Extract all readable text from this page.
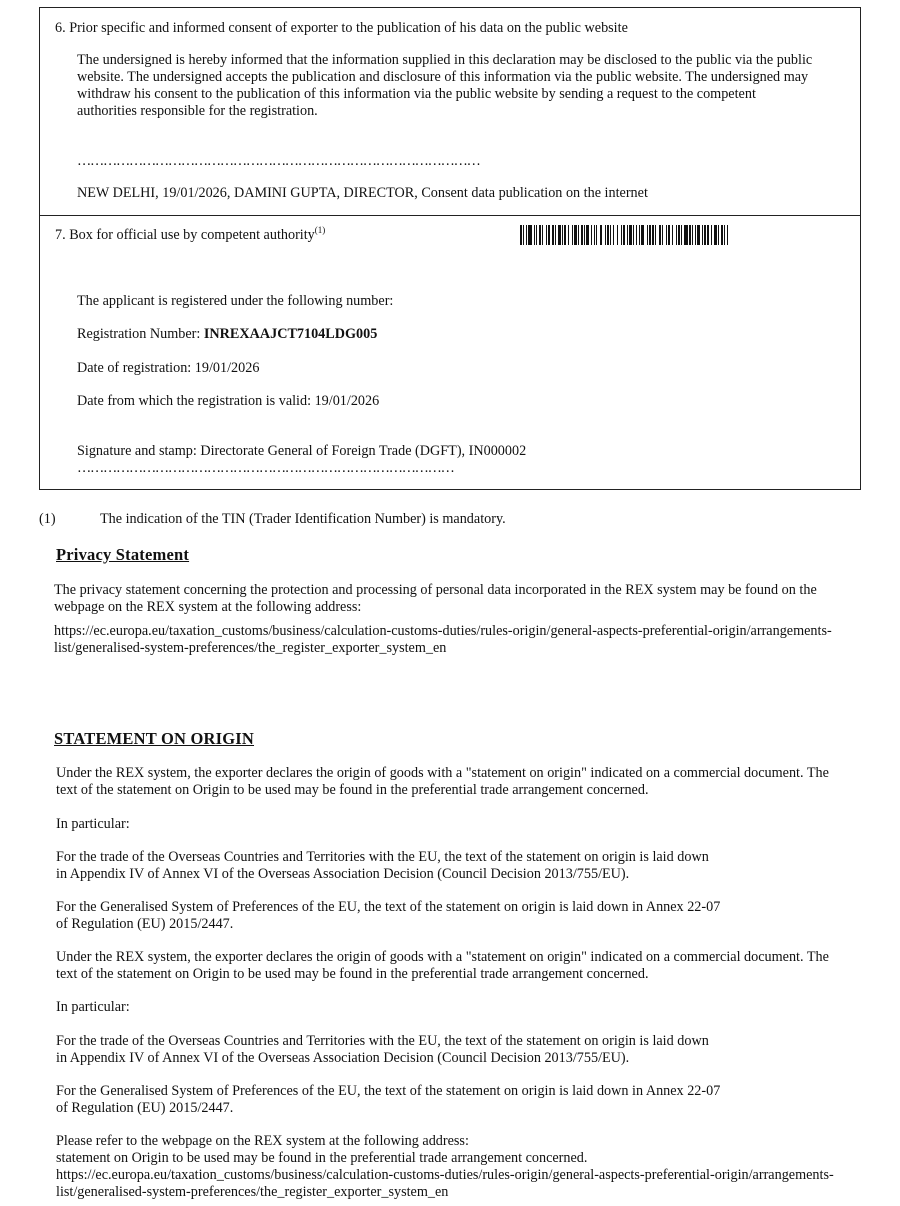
6. Prior specific and informed consent of exporter to the publication of his data on the public website
The undersigned is hereby informed that the information supplied in this declaration may be disclosed to the public via the public
website. The undersigned accepts the publication and disclosure of this information via the public website. The undersigned may
withdraw his consent to the publication of this information via the public website by sending a request to the competent
authorities responsible for the registration.
…………………………………………………………………………………
NEW DELHI, 19/01/2026, DAMINI GUPTA, DIRECTOR, Consent data publication on the internet
7. Box for official use by competent authority$^{(1)}$
The applicant is registered under the following number:
Registration Number: INREXAAJCT7104LDG005
Date of registration: 19/01/2026
Date from which the registration is valid: 19/01/2026
Signature and stamp: Directorate General of Foreign Trade (DGFT), IN000002
……………………………………………………………………………
(1)	The indication of the TIN (Trader Identification Number) is mandatory.
Privacy Statement
The privacy statement concerning the protection and processing of personal data incorporated in the REX system may be found on the
webpage on the REX system at the following address:
https://ec.europa.eu/taxation_customs/business/calculation-customs-duties/rules-origin/general-aspects-preferential-origin/arrangements-
list/generalised-system-preferences/the_register_exporter_system_en
STATEMENT ON ORIGIN
Under the REX system, the exporter declares the origin of goods with a "statement on origin" indicated on a commercial document. The
text of the statement on Origin to be used may be found in the preferential trade arrangement concerned.
In particular:
For the trade of the Overseas Countries and Territories with the EU, the text of the statement on origin is laid down
in Appendix IV of Annex VI of the Overseas Association Decision (Council Decision 2013/755/EU).
For the Generalised System of Preferences of the EU, the text of the statement on origin is laid down in Annex 22-07
of Regulation (EU) 2015/2447.
Under the REX system, the exporter declares the origin of goods with a "statement on origin" indicated on a commercial document. The
text of the statement on Origin to be used may be found in the preferential trade arrangement concerned.
In particular:
For the trade of the Overseas Countries and Territories with the EU, the text of the statement on origin is laid down
in Appendix IV of Annex VI of the Overseas Association Decision (Council Decision 2013/755/EU).
For the Generalised System of Preferences of the EU, the text of the statement on origin is laid down in Annex 22-07
of Regulation (EU) 2015/2447.
Please refer to the webpage on the REX system at the following address:
statement on Origin to be used may be found in the preferential trade arrangement concerned.
https://ec.europa.eu/taxation_customs/business/calculation-customs-duties/rules-origin/general-aspects-preferential-origin/arrangements-
list/generalised-system-preferences/the_register_exporter_system_en
